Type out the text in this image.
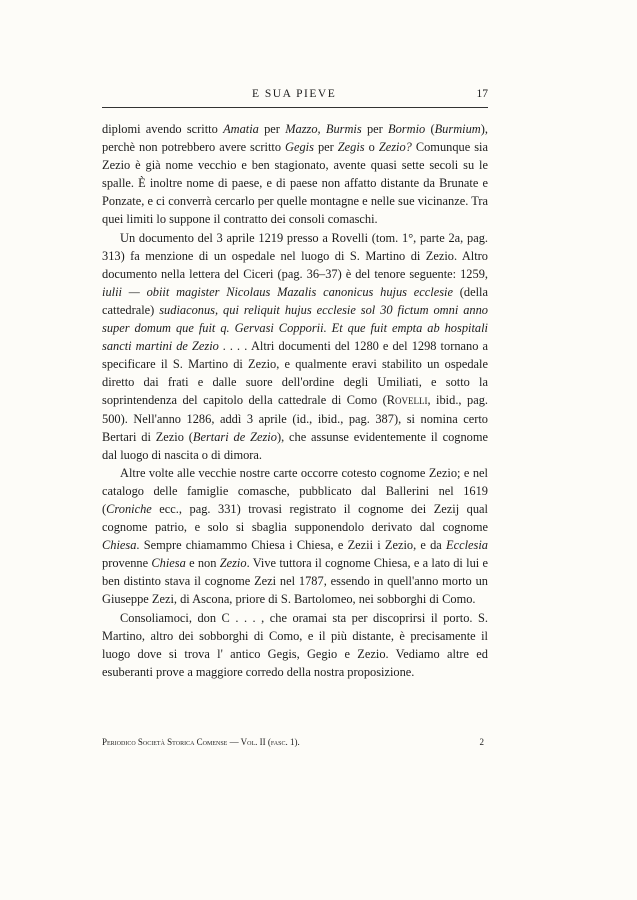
E SUA PIEVE	17

diplomi avendo scritto Amatia per Mazzo, Burmis per Bormio (Burmium), perchè non potrebbero avere scritto Gegis per Zegis o Zezio? Comunque sia Zezio è già nome vecchio e ben stagionato, avente quasi sette secoli su le spalle. È inoltre nome di paese, e di paese non affatto distante da Brunate e Ponzate, e ci converrà cercarlo per quelle montagne e nelle sue vicinanze. Tra quei limiti lo supponе il contratto dei consoli comaschi.

Un documento del 3 aprile 1219 presso a Rovelli (tom. 1°, parte 2a, pag. 313) fa menzione di un ospedale nel luogo di S. Martino di Zezio. Altro documento nella lettera del Ciceri (pag. 36–37) è del tenore seguente: 1259, iulii — obiit magister Nicolaus Mazalis canonicus hujus ecclesie (della cattedrale) sudiaconus, qui reliquit hujus ecclesie sol 30 fictum omni anno super domum que fuit q. Gervasi Copporii. Et que fuit empta ab hospitali sancti martini de Zezio . . . . Altri documenti del 1280 e del 1298 tornano a specificare il S. Martino di Zezio, e qualmente eravi stabilito un ospedale diretto dai frati e dalle suore dell'ordine degli Umiliati, e sotto la soprintendenza del capitolo della cattedrale di Como (Rovelli, ibid., pag. 500). Nell'anno 1286, addì 3 aprile (id., ibid., pag. 387), si nomina certo Bertari di Zezio (Bertari de Zezio), che assunse evidentemente il cognome dal luogo di nascita o di dimora.

Altre volte alle vecchie nostre carte occorre cotesto cognome Zezio; e nel catalogo delle famiglie comasche, pubblicato dal Ballerini nel 1619 (Croniche ecc., pag. 331) trovasi registrato il cognome dei Zezij qual cognome patrio, e solo si sbaglia supponendolo derivato dal cognome Chiesa. Sempre chiamammo Chiesa i Chiesa, e Zezii i Zezio, e da Ecclesia provenne Chiesa e non Zezio. Vive tuttora il cognome Chiesa, e a lato di lui e ben distinto stava il cognome Zezi nel 1787, essendo in quell'anno morto un Giuseppe Zezi, di Ascona, priore di S. Bartolomeo, nei sobborghi di Como.

Consoliamoci, don C . . . , che oramai sta per discoprirsi il porto. S. Martino, altro dei sobborghi di Como, e il più distante, è precisamente il luogo dove si trova l' antico Gegis, Gegio e Zezio. Vediamo altre ed esuberanti prove a maggiore corredo della nostra proposizione.

Periodico Società Storica Comense — Vol. II (fasc. 1).	2
